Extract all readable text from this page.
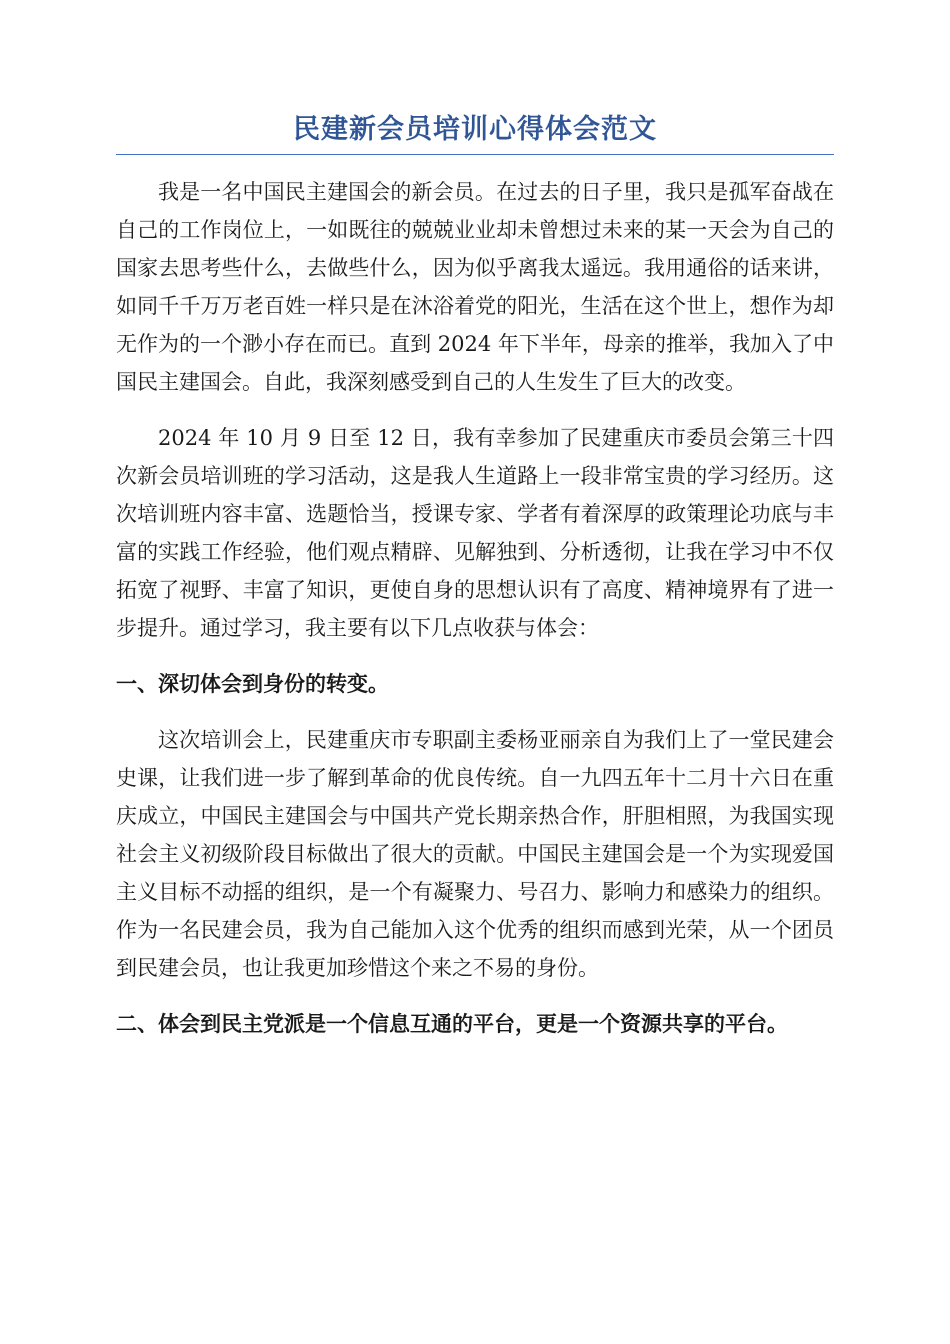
民建新会员培训心得体会范文

我是一名中国民主建国会的新会员。在过去的日子里，我只是孤军奋战在自己的工作岗位上，一如既往的兢兢业业却未曾想过未来的某一天会为自己的国家去思考些什么，去做些什么，因为似乎离我太遥远。我用通俗的话来讲，如同千千万万老百姓一样只是在沐浴着党的阳光，生活在这个世上，想作为却无作为的一个渺小存在而已。直到 2024 年下半年，母亲的推举，我加入了中国民主建国会。自此，我深刻感受到自己的人生发生了巨大的改变。

2024 年 10 月 9 日至 12 日，我有幸参加了民建重庆市委员会第三十四次新会员培训班的学习活动，这是我人生道路上一段非常宝贵的学习经历。这次培训班内容丰富、选题恰当，授课专家、学者有着深厚的政策理论功底与丰富的实践工作经验，他们观点精辟、见解独到、分析透彻，让我在学习中不仅拓宽了视野、丰富了知识，更使自身的思想认识有了高度、精神境界有了进一步提升。通过学习，我主要有以下几点收获与体会：

一、深切体会到身份的转变。

这次培训会上，民建重庆市专职副主委杨亚丽亲自为我们上了一堂民建会史课，让我们进一步了解到革命的优良传统。自一九四五年十二月十六日在重庆成立，中国民主建国会与中国共产党长期亲热合作，肝胆相照，为我国实现社会主义初级阶段目标做出了很大的贡献。中国民主建国会是一个为实现爱国主义目标不动摇的组织，是一个有凝聚力、号召力、影响力和感染力的组织。作为一名民建会员，我为自己能加入这个优秀的组织而感到光荣，从一个团员到民建会员，也让我更加珍惜这个来之不易的身份。

二、体会到民主党派是一个信息互通的平台，更是一个资源共享的平台。
